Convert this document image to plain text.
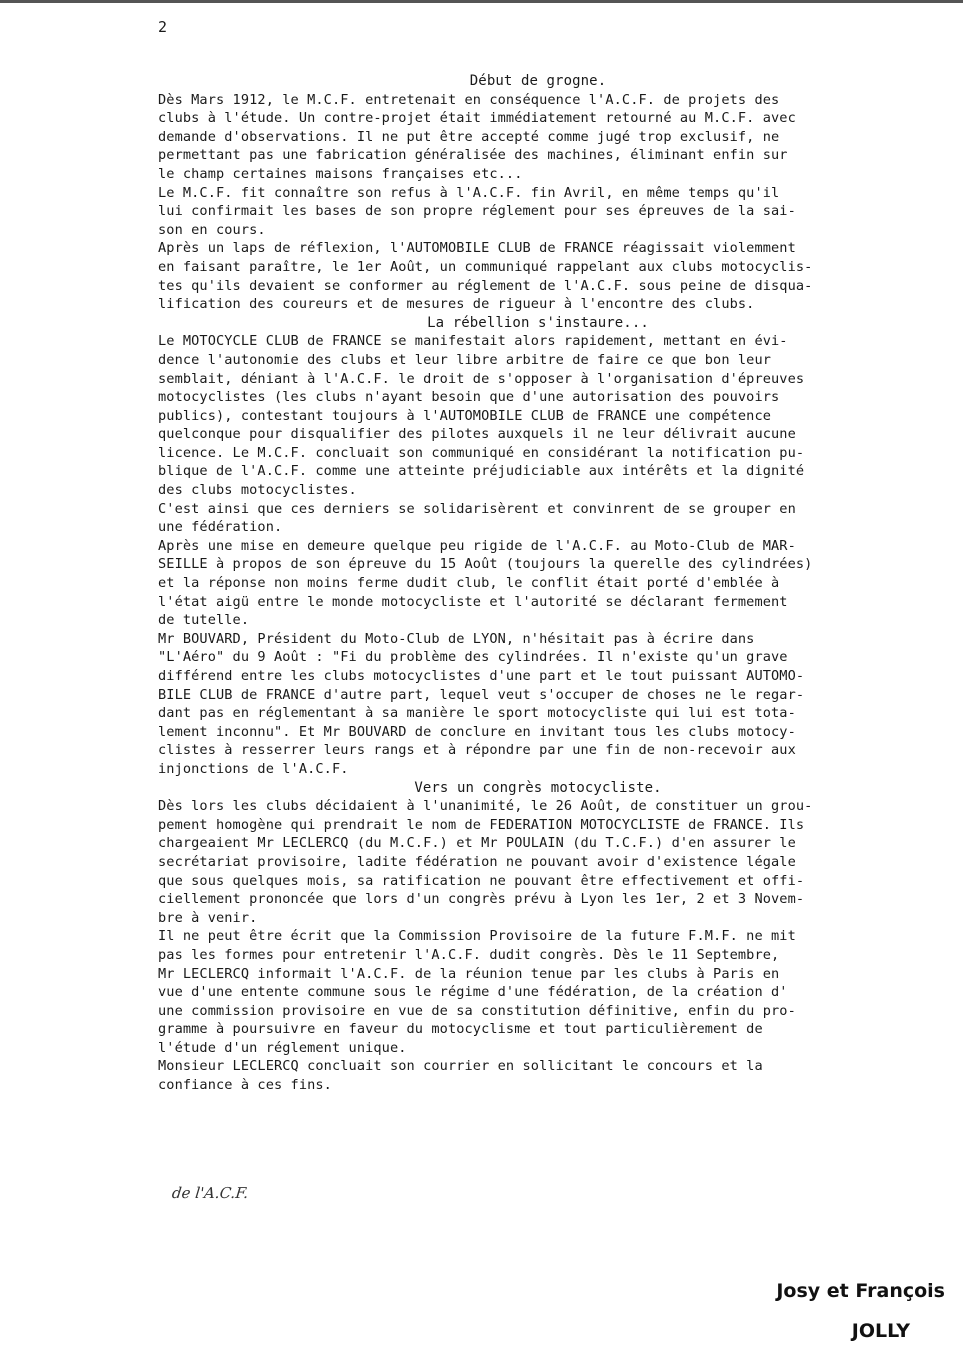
2

Début de grogne.

Dès Mars 1912, le M.C.F. entretenait en conséquence l'A.C.F. de projets des

clubs à l'étude. Un contre-projet était immédiatement retourné au M.C.F. avec

demande d'observations. Il ne put être accepté comme jugé trop exclusif, ne

permettant pas une fabrication généralisée des machines, éliminant enfin sur

le champ certaines maisons françaises etc...

Le M.C.F. fit connaître son refus à l'A.C.F. fin Avril, en même temps qu'il

lui confirmait les bases de son propre réglement pour ses épreuves de la sai-

son en cours.

Après un laps de réflexion, l'AUTOMOBILE CLUB de FRANCE réagissait violemment

en faisant paraître, le 1er Août, un communiqué rappelant aux clubs motocyclis-

tes qu'ils devaient se conformer au réglement de l'A.C.F. sous peine de disqua-

lification des coureurs et de mesures de rigueur à l'encontre des clubs.

La rébellion s'instaure...

Le MOTOCYCLE CLUB de FRANCE se manifestait alors rapidement, mettant en évi-

dence l'autonomie des clubs et leur libre arbitre de faire ce que bon leur

semblait, déniant à l'A.C.F. le droit de s'opposer à l'organisation d'épreuves

motocyclistes (les clubs n'ayant besoin que d'une autorisation des pouvoirs

publics), contestant toujours à l'AUTOMOBILE CLUB de FRANCE une compétence

quelconque pour disqualifier des pilotes auxquels il ne leur délivrait aucune

licence. Le M.C.F. concluait son communiqué en considérant la notification pu-

blique de l'A.C.F. comme une atteinte préjudiciable aux intérêts et la dignité

des clubs motocyclistes.

C'est ainsi que ces derniers se solidarisèrent et convinrent de se grouper en

une fédération.

Après une mise en demeure quelque peu rigide de l'A.C.F. au Moto-Club de MAR-

SEILLE à propos de son épreuve du 15 Août (toujours la querelle des cylindrées)

et la réponse non moins ferme dudit club, le conflit était porté d'emblée à

l'état aigü entre le monde motocycliste et l'autorité se déclarant fermement

de tutelle.

Mr BOUVARD, Président du Moto-Club de LYON, n'hésitait pas à écrire dans

"L'Aéro" du 9 Août : "Fi du problème des cylindrées. Il n'existe qu'un grave

différend entre les clubs motocyclistes d'une part et le tout puissant AUTOMO-

BILE CLUB de FRANCE d'autre part, lequel veut s'occuper de choses ne le regar-

dant pas en réglementant à sa manière le sport motocycliste qui lui est tota-

lement inconnu". Et Mr BOUVARD de conclure en invitant tous les clubs motocy-

clistes à resserrer leurs rangs et à répondre par une fin de non-recevoir aux

injonctions de l'A.C.F.

Vers un congrès motocycliste.

Dès lors les clubs décidaient à l'unanimité, le 26 Août, de constituer un grou-

pement homogène qui prendrait le nom de FEDERATION MOTOCYCLISTE de FRANCE. Ils

chargeaient Mr LECLERCQ (du M.C.F.) et Mr POULAIN (du T.C.F.) d'en assurer le

secrétariat provisoire, ladite fédération ne pouvant avoir d'existence légale

que sous quelques mois, sa ratification ne pouvant être effectivement et offi-

ciellement prononcée que lors d'un congrès prévu à Lyon les 1er, 2 et 3 Novem-

bre à venir.

Il ne peut être écrit que la Commission Provisoire de la future F.M.F. ne mit

pas les formes pour entretenir l'A.C.F. dudit congrès. Dès le 11 Septembre,

Mr LECLERCQ informait l'A.C.F. de la réunion tenue par les clubs à Paris en

vue d'une entente commune sous le régime d'une fédération, de la création d'

une commission provisoire en vue de sa constitution définitive, enfin du pro-

gramme à poursuivre en faveur du motocyclisme et tout particulièrement de

l'étude d'un réglement unique.

Monsieur LECLERCQ concluait son courrier en sollicitant le concours et la

confiance à ces fins.

de l'A.C.F.
Josy et François
JOLLY
